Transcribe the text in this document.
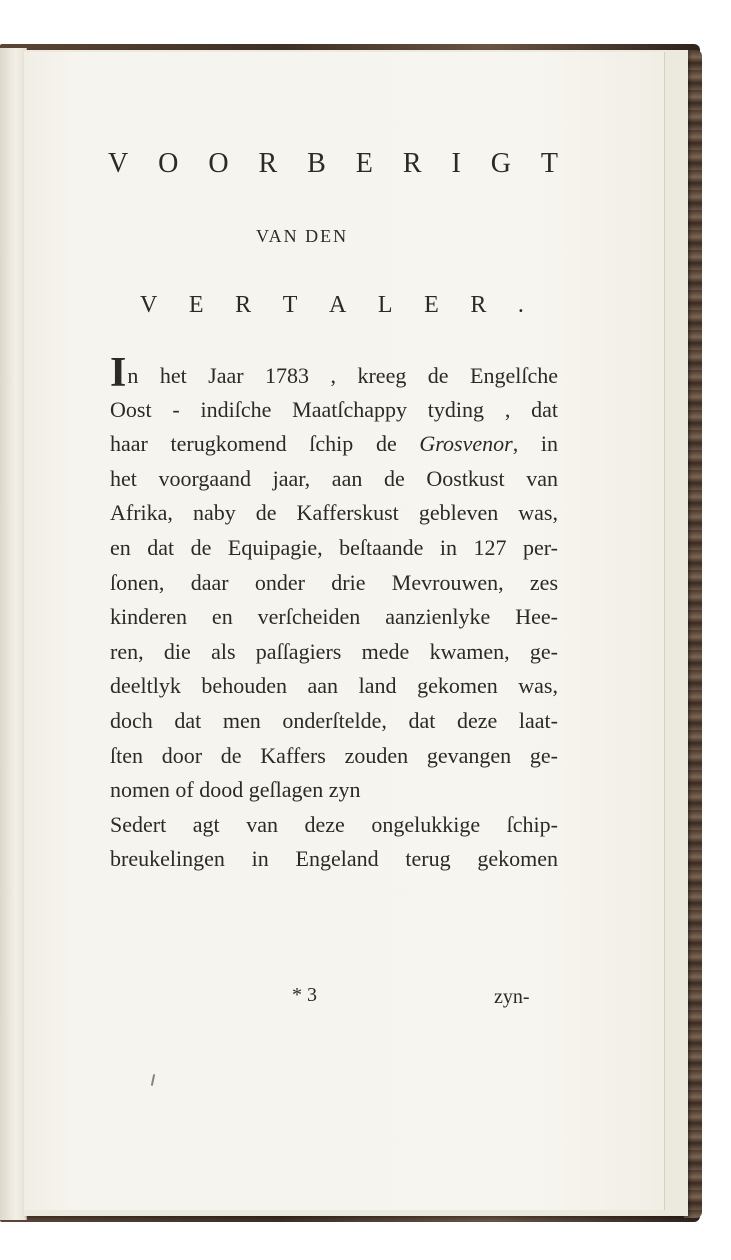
V O O R B E R I G T
VAN DEN
V E R T A L E R .
In het Jaar 1783 , kreeg de Engelſche
Oost - indiſche Maatſchappy tyding , dat
haar terugkomend ſchip de Grosvenor, in
het voorgaand jaar, aan de Oostkust van
Afrika, naby de Kafferskust gebleven was,
en dat de Equipagie, beſtaande in 127 per-
ſonen, daar onder drie Mevrouwen, zes
kinderen en verſcheiden aanzienlyke Hee-
ren, die als paſſagiers mede kwamen, ge-
deeltlyk behouden aan land gekomen was,
doch dat men onderſtelde, dat deze laat-
ſten door de Kaffers zouden gevangen ge-
nomen of dood geſlagen zyn
Sedert agt van deze ongelukkige ſchip-
breukelingen in Engeland terug gekomen
* 3	zyn-
